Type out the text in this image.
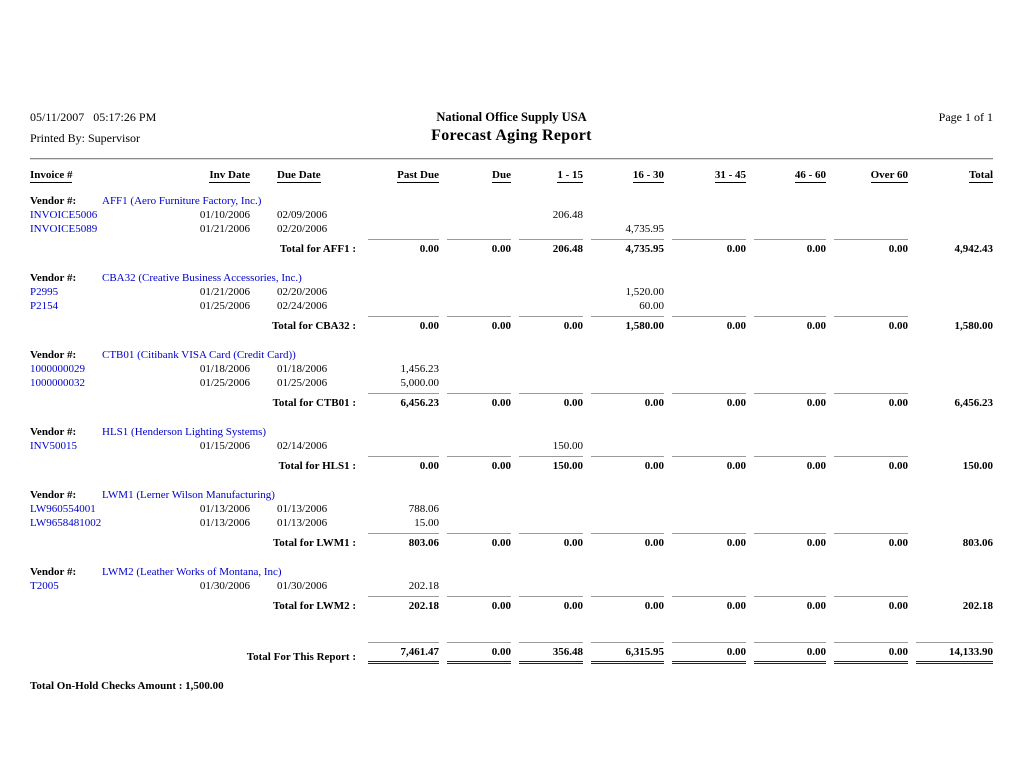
05/11/2007   05:17:26 PM
Printed By: Supervisor
National Office Supply USA
Forecast Aging Report
Page 1 of 1
Invoice #	Inv Date	Due Date	Past Due	Due	1 - 15	16 - 30	31 - 45	46 - 60	Over 60	Total
Vendor #: AFF1 (Aero Furniture Factory, Inc.)										
INVOICE5006	01/10/2006	02/09/2006			206.48					
INVOICE5089	01/21/2006	02/20/2006				4,735.95				
Total for AFF1 :			0.00	0.00	206.48	4,735.95	0.00	0.00	0.00	4,942.43

Vendor #: CBA32 (Creative Business Accessories, Inc.)										
P2995	01/21/2006	02/20/2006				1,520.00				
P2154	01/25/2006	02/24/2006				60.00				
Total for CBA32 :			0.00	0.00	0.00	1,580.00	0.00	0.00	0.00	1,580.00

Vendor #: CTB01 (Citibank VISA Card (Credit Card))										
1000000029	01/18/2006	01/18/2006	1,456.23							
1000000032	01/25/2006	01/25/2006	5,000.00							
Total for CTB01 :			6,456.23	0.00	0.00	0.00	0.00	0.00	0.00	6,456.23

Vendor #: HLS1 (Henderson Lighting Systems)										
INV50015	01/15/2006	02/14/2006			150.00					
Total for HLS1 :			0.00	0.00	150.00	0.00	0.00	0.00	0.00	150.00

Vendor #: LWM1 (Lerner Wilson Manufacturing)										
LW960554001	01/13/2006	01/13/2006	788.06							
LW9658481002	01/13/2006	01/13/2006	15.00							
Total for LWM1 :			803.06	0.00	0.00	0.00	0.00	0.00	0.00	803.06

Vendor #: LWM2 (Leather Works of Montana, Inc)										
T2005	01/30/2006	01/30/2006	202.18							
Total for LWM2 :			202.18	0.00	0.00	0.00	0.00	0.00	0.00	202.18

Total For This Report :			7,461.47	0.00	356.48	6,315.95	0.00	0.00	0.00	14,133.90
Total On-Hold Checks Amount : 1,500.00
